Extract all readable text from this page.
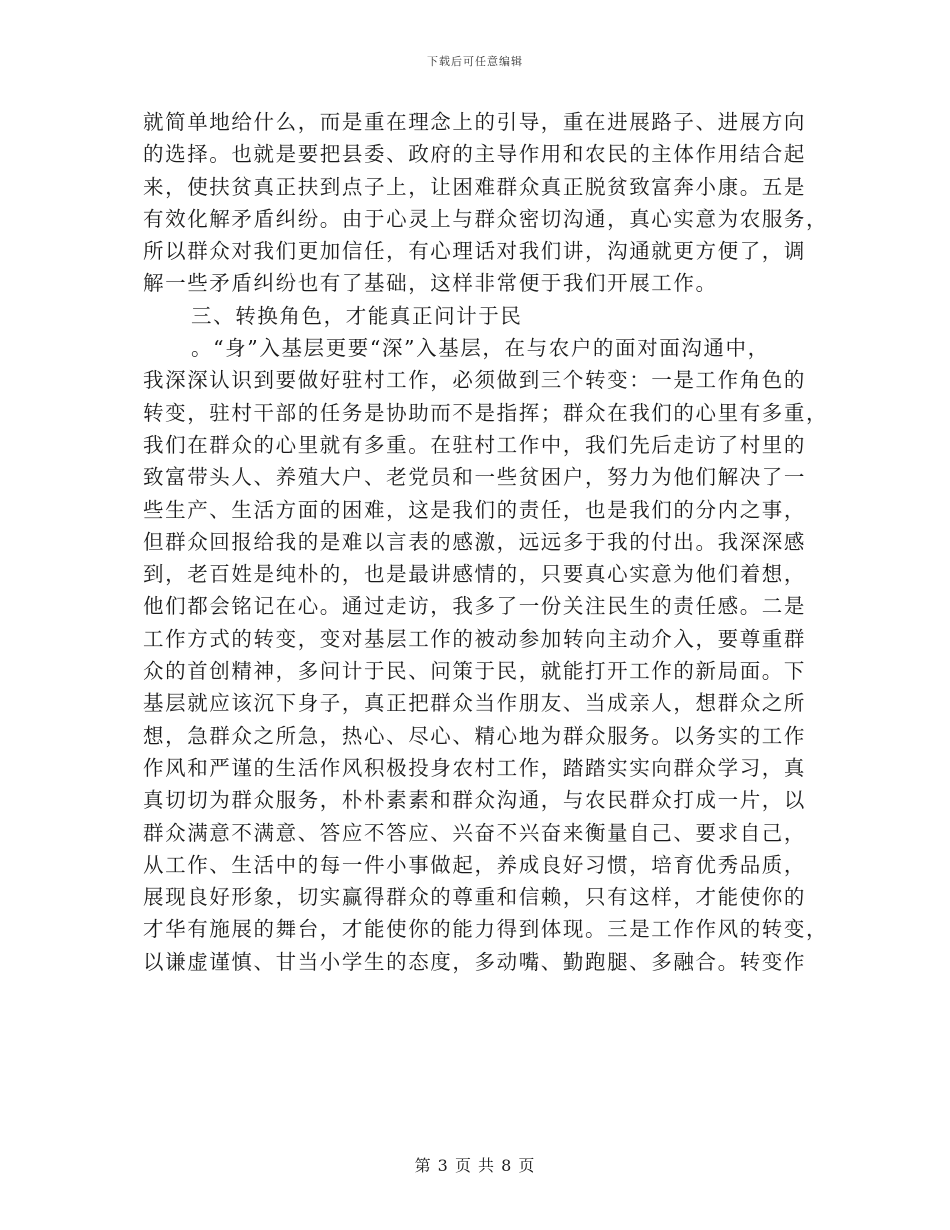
下载后可任意编辑
就简单地给什么，而是重在理念上的引导，重在进展路子、进展方向
的选择。也就是要把县委、政府的主导作用和农民的主体作用结合起
来，使扶贫真正扶到点子上，让困难群众真正脱贫致富奔小康。五是
有效化解矛盾纠纷。由于心灵上与群众密切沟通，真心实意为农服务，
所以群众对我们更加信任，有心理话对我们讲，沟通就更方便了，调
解一些矛盾纠纷也有了基础，这样非常便于我们开展工作。
三、转换角色，才能真正问计于民
。“身”入基层更要“深”入基层，在与农户的面对面沟通中，
我深深认识到要做好驻村工作，必须做到三个转变：一是工作角色的
转变，驻村干部的任务是协助而不是指挥；群众在我们的心里有多重，
我们在群众的心里就有多重。在驻村工作中，我们先后走访了村里的
致富带头人、养殖大户、老党员和一些贫困户，努力为他们解决了一
些生产、生活方面的困难，这是我们的责任，也是我们的分内之事，
但群众回报给我的是难以言表的感激，远远多于我的付出。我深深感
到，老百姓是纯朴的，也是最讲感情的，只要真心实意为他们着想，
他们都会铭记在心。通过走访，我多了一份关注民生的责任感。二是
工作方式的转变，变对基层工作的被动参加转向主动介入，要尊重群
众的首创精神，多问计于民、问策于民，就能打开工作的新局面。下
基层就应该沉下身子，真正把群众当作朋友、当成亲人，想群众之所
想，急群众之所急，热心、尽心、精心地为群众服务。以务实的工作
作风和严谨的生活作风积极投身农村工作，踏踏实实向群众学习，真
真切切为群众服务，朴朴素素和群众沟通，与农民群众打成一片，以
群众满意不满意、答应不答应、兴奋不兴奋来衡量自己、要求自己，
从工作、生活中的每一件小事做起，养成良好习惯，培育优秀品质，
展现良好形象，切实赢得群众的尊重和信赖，只有这样，才能使你的
才华有施展的舞台，才能使你的能力得到体现。三是工作作风的转变，
以谦虚谨慎、甘当小学生的态度，多动嘴、勤跑腿、多融合。转变作
第 3 页 共 8 页
